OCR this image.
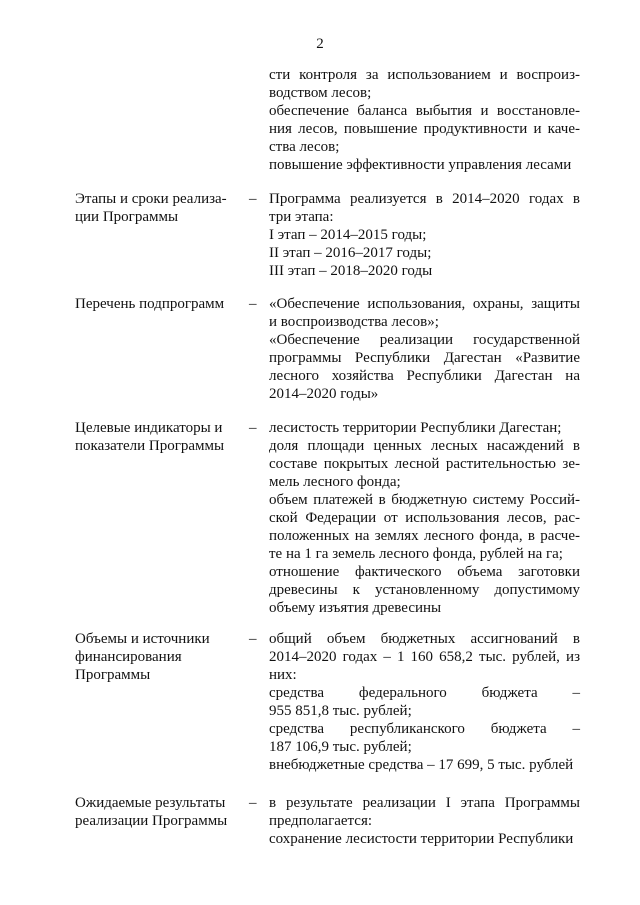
2
сти контроля за использованием и воспроиз-
водством лесов;
обеспечение баланса выбытия и восстановле-
ния лесов, повышение продуктивности и каче-
ства лесов;
повышение эффективности управления лесами
Этапы и сроки реализа-
ции Программы
– Программа реализуется в 2014–2020 годах в
три этапа:
I этап – 2014–2015 годы;
II этап – 2016–2017 годы;
III этап – 2018–2020 годы
Перечень подпрограмм – «Обеспечение использования, охраны, защиты
и воспроизводства лесов»;
«Обеспечение реализации государственной
программы Республики Дагестан «Развитие
лесного хозяйства Республики Дагестан на
2014–2020 годы»
Целевые индикаторы и
показатели Программы
– лесистость территории Республики Дагестан;
доля площади ценных лесных насаждений в
составе покрытых лесной растительностью зе-
мель лесного фонда;
объем платежей в бюджетную систему Россий-
ской Федерации от использования лесов, рас-
положенных на землях лесного фонда, в расче-
те на 1 га земель лесного фонда, рублей на га;
отношение фактического объема заготовки
древесины к установленному допустимому
объему изъятия древесины
Объемы и источники
финансирования
Программы
– общий объем бюджетных ассигнований в
2014–2020 годах – 1 160 658,2 тыс. рублей, из
них:
средства федерального бюджета –
955 851,8 тыс. рублей;
средства республиканского бюджета –
187 106,9 тыс. рублей;
внебюджетные средства – 17 699, 5 тыс. рублей
Ожидаемые результаты
реализации Программы
– в результате реализации I этапа Программы
предполагается:
сохранение лесистости территории Республики
